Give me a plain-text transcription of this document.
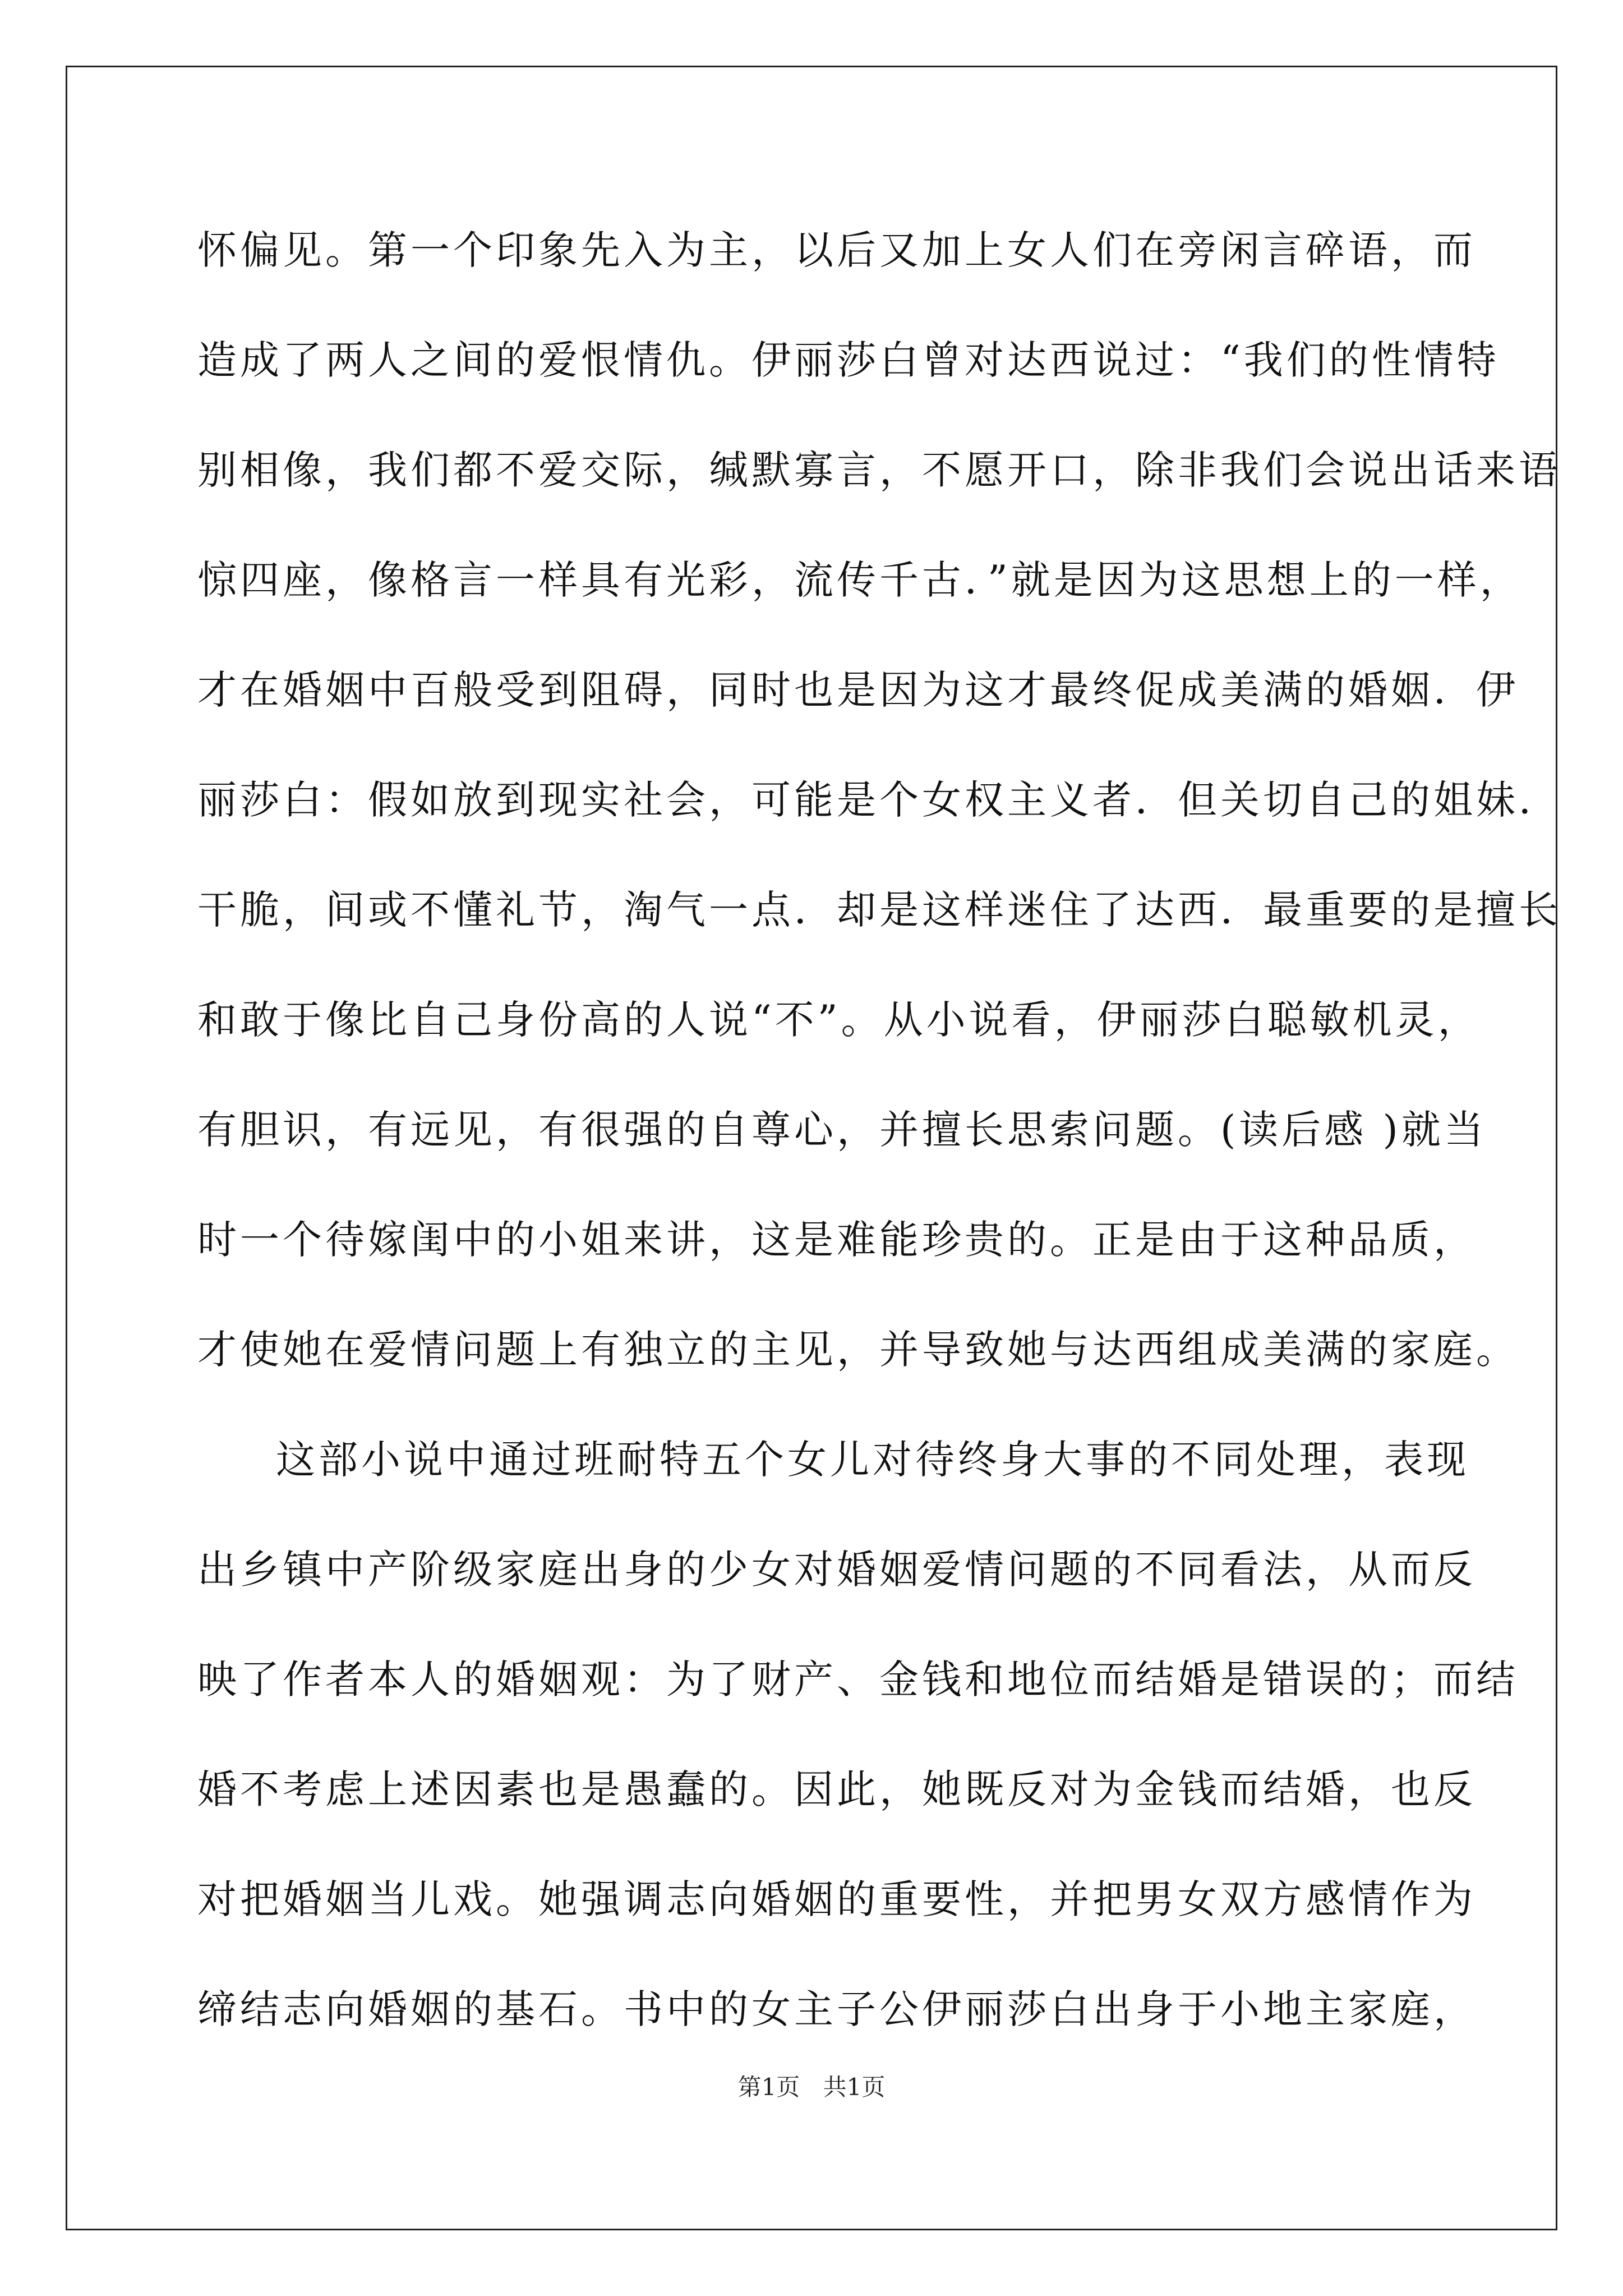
怀偏见。第一个印象先入为主，以后又加上女人们在旁闲言碎语，而
造成了两人之间的爱恨情仇。伊丽莎白曾对达西说过：“我们的性情特
别相像，我们都不爱交际，缄默寡言，不愿开口，除非我们会说出话来语
惊四座，像格言一样具有光彩，流传千古．”就是因为这思想上的一样，
才在婚姻中百般受到阻碍，同时也是因为这才最终促成美满的婚姻．伊
丽莎白：假如放到现实社会，可能是个女权主义者．但关切自己的姐妹．
干脆，间或不懂礼节，淘气一点．却是这样迷住了达西．最重要的是擅长
和敢于像比自己身份高的人说“不”。从小说看，伊丽莎白聪敏机灵，
有胆识，有远见，有很强的自尊心，并擅长思索问题。(读后感 )就当
时一个待嫁闺中的小姐来讲，这是难能珍贵的。正是由于这种品质，
才使她在爱情问题上有独立的主见，并导致她与达西组成美满的家庭。
这部小说中通过班耐特五个女儿对待终身大事的不同处理，表现
出乡镇中产阶级家庭出身的少女对婚姻爱情问题的不同看法，从而反
映了作者本人的婚姻观：为了财产、金钱和地位而结婚是错误的；而结
婚不考虑上述因素也是愚蠢的。因此，她既反对为金钱而结婚，也反
对把婚姻当儿戏。她强调志向婚姻的重要性，并把男女双方感情作为
缔结志向婚姻的基石。书中的女主子公伊丽莎白出身于小地主家庭，
第1页 共1页
